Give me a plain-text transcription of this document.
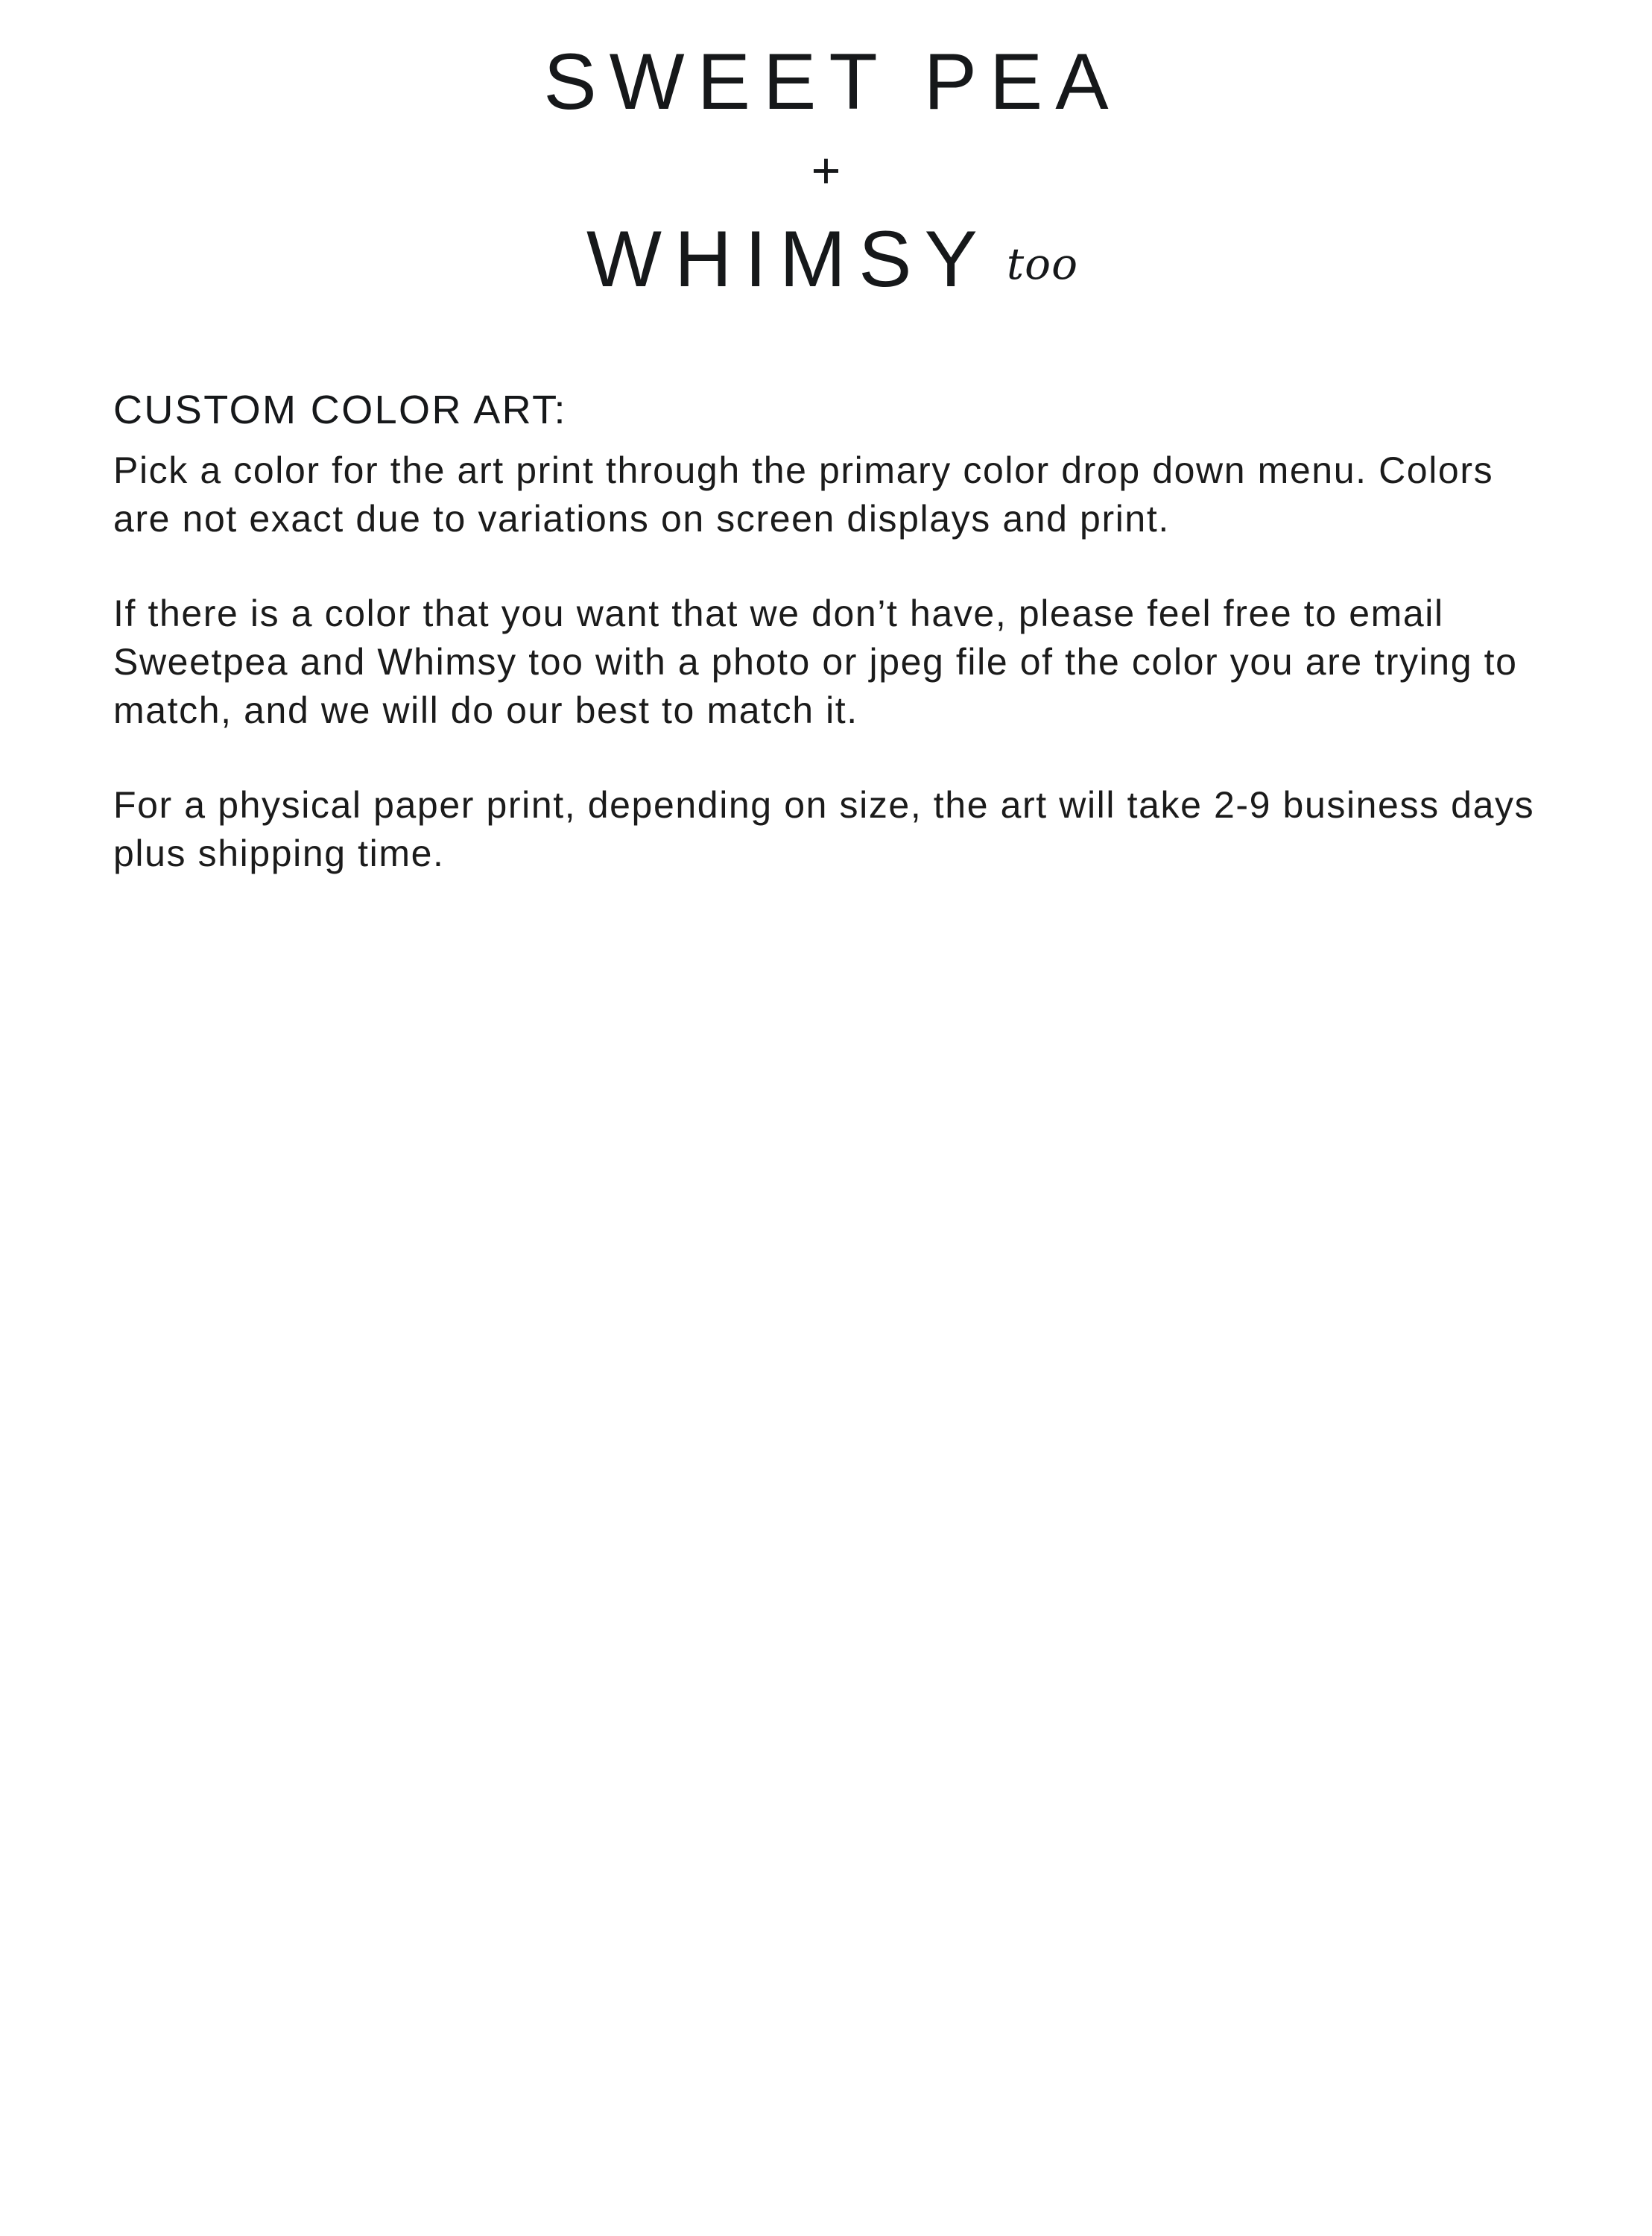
SWEET PEA
+
WHIMSY too
CUSTOM COLOR ART:

Pick a color for the art print through the primary color drop down menu. Colors are not exact due to variations on screen displays and print.

If there is a color that you want that we don’t have, please feel free to email Sweetpea and Whimsy too with a photo or jpeg file of the color you are trying to match, and we will do our best to match it.

For a physical paper print, depending on size, the art will take 2-9 business days plus shipping time.
